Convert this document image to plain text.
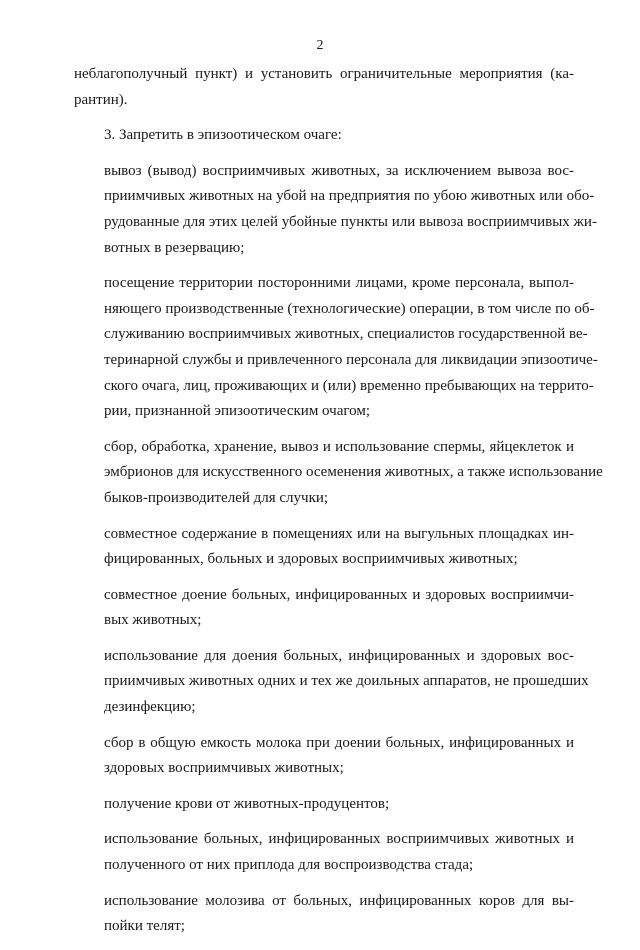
2

неблагополучный пункт) и установить ограничительные мероприятия (ка-
рантин).

3. Запретить в эпизоотическом очаге:

вывоз (вывод) восприимчивых животных, за исключением вывоза вос-
приимчивых животных на убой на предприятия по убою животных или обо-
рудованные для этих целей убойные пункты или вывоза восприимчивых жи-
вотных в резервацию;

посещение территории посторонними лицами, кроме персонала, выпол-
няющего производственные (технологические) операции, в том числе по об-
служиванию восприимчивых животных, специалистов государственной ве-
теринарной службы и привлеченного персонала для ликвидации эпизоотиче-
ского очага, лиц, проживающих и (или) временно пребывающих на террито-
рии, признанной эпизоотическим очагом;

сбор, обработка, хранение, вывоз и использование спермы, яйцеклеток и
эмбрионов для искусственного осеменения животных, а также использование
быков-производителей для случки;

совместное содержание в помещениях или на выгульных площадках ин-
фицированных, больных и здоровых восприимчивых животных;

совместное доение больных, инфицированных и здоровых восприимчи-
вых животных;

использование для доения больных, инфицированных и здоровых вос-
приимчивых животных одних и тех же доильных аппаратов, не прошедших
дезинфекцию;

сбор в общую емкость молока при доении больных, инфицированных и
здоровых восприимчивых животных;

получение крови от животных-продуцентов;

использование больных, инфицированных восприимчивых животных и
полученного от них приплода для воспроизводства стада;

использование молозива от больных, инфицированных коров для вы-
пойки телят;
